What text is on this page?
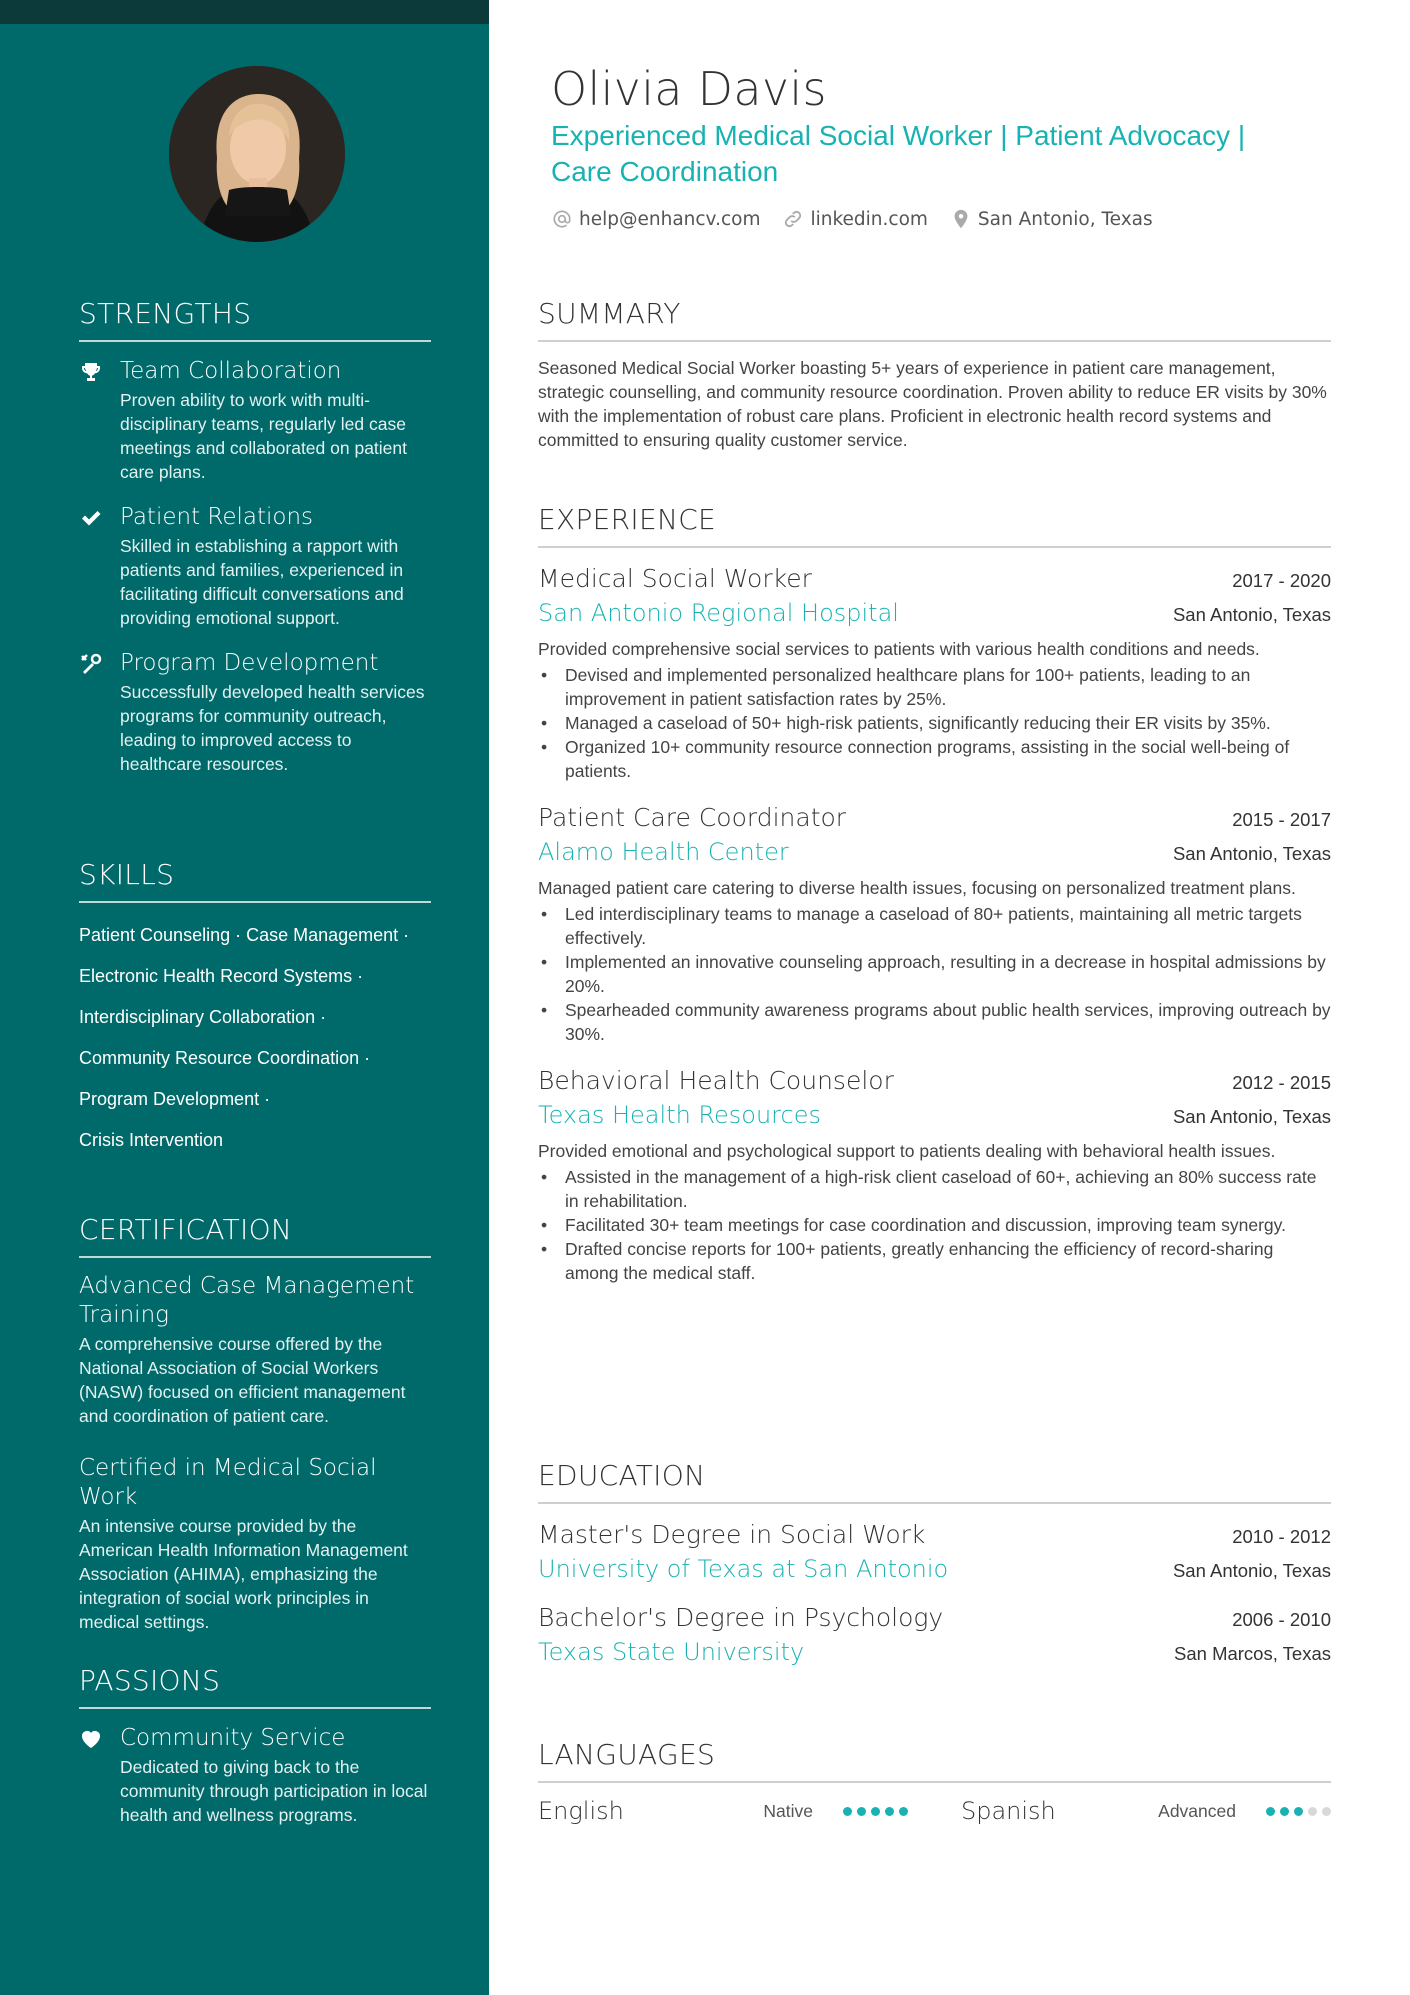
STRENGTHS
Team Collaboration
Proven ability to work with multi-disciplinary teams, regularly led case meetings and collaborated on patient care plans.
Patient Relations
Skilled in establishing a rapport with patients and families, experienced in facilitating difficult conversations and providing emotional support.
Program Development
Successfully developed health services programs for community outreach, leading to improved access to healthcare resources.
SKILLS
Patient Counseling · Case Management ·
Electronic Health Record Systems ·
Interdisciplinary Collaboration ·
Community Resource Coordination ·
Program Development ·
Crisis Intervention
CERTIFICATION
Advanced Case Management Training
A comprehensive course offered by the National Association of Social Workers (NASW) focused on efficient management and coordination of patient care.
Certified in Medical Social Work
An intensive course provided by the American Health Information Management Association (AHIMA), emphasizing the integration of social work principles in medical settings.
PASSIONS
Community Service
Dedicated to giving back to the community through participation in local health and wellness programs.
Olivia Davis
Experienced Medical Social Worker | Patient Advocacy | Care Coordination
help@enhancv.com	linkedin.com	San Antonio, Texas
SUMMARY
Seasoned Medical Social Worker boasting 5+ years of experience in patient care management, strategic counselling, and community resource coordination. Proven ability to reduce ER visits by 30% with the implementation of robust care plans. Proficient in electronic health record systems and committed to ensuring quality customer service.
EXPERIENCE
Medical Social Worker	2017 - 2020
San Antonio Regional Hospital	San Antonio, Texas
Provided comprehensive social services to patients with various health conditions and needs.
• Devised and implemented personalized healthcare plans for 100+ patients, leading to an improvement in patient satisfaction rates by 25%.
• Managed a caseload of 50+ high-risk patients, significantly reducing their ER visits by 35%.
• Organized 10+ community resource connection programs, assisting in the social well-being of patients.
Patient Care Coordinator	2015 - 2017
Alamo Health Center	San Antonio, Texas
Managed patient care catering to diverse health issues, focusing on personalized treatment plans.
• Led interdisciplinary teams to manage a caseload of 80+ patients, maintaining all metric targets effectively.
• Implemented an innovative counseling approach, resulting in a decrease in hospital admissions by 20%.
• Spearheaded community awareness programs about public health services, improving outreach by 30%.
Behavioral Health Counselor	2012 - 2015
Texas Health Resources	San Antonio, Texas
Provided emotional and psychological support to patients dealing with behavioral health issues.
• Assisted in the management of a high-risk client caseload of 60+, achieving an 80% success rate in rehabilitation.
• Facilitated 30+ team meetings for case coordination and discussion, improving team synergy.
• Drafted concise reports for 100+ patients, greatly enhancing the efficiency of record-sharing among the medical staff.
EDUCATION
Master's Degree in Social Work	2010 - 2012
University of Texas at San Antonio	San Antonio, Texas
Bachelor's Degree in Psychology	2006 - 2010
Texas State University	San Marcos, Texas
LANGUAGES
English	Native	Spanish	Advanced
